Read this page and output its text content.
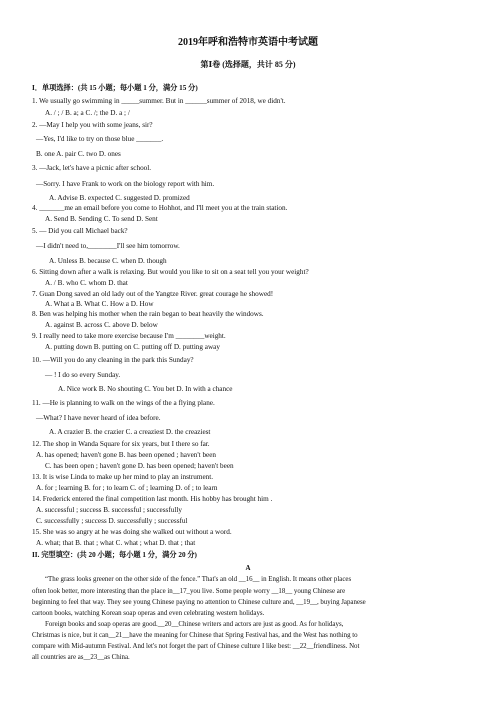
2019年呼和浩特市英语中考试题
第Ⅰ卷 (选择题，共计 85 分)
I．单项选择：(共 15 小题；每小题 1 分，满分 15 分)
1. We usually go swimming in _____summer. But in ______summer of 2018, we didn't.
A. / ; / B. a; a C. /; the D. a ; /
2. —May I help you with some jeans, sir?
—Yes, I'd like to try on those blue _______.
B. one A. pair C. two D. ones
3. —Jack, let's have a picnic after school.
—Sorry. I have Frank to work on the biology report with him.
A. Advise B. expected C. suggested D. promized
4. _______me an email before you come to Hohhot, and I'll meet you at the train station.
A. Send B. Sending C. To send D. Sent
5. — Did you call Michael back?
—I didn't need to,________I'll see him tomorrow.
A. Unless B. because C. when D. though
6. Sitting down after a walk is relaxing. But would you like to sit on a seat tell you your weight?
A. / B. who C. whom D. that
7. Guan Dong saved an old lady out of the Yangtze River. great courage he showed!
A. What a B. What C. How a D. How
8. Ben was helping his mother when the rain began to beat heavily the windows.
A. against B. across C. above D. below
9. I really need to take more exercise because I'm ________weight.
A. putting down B. putting on C. putting off D. putting away
10. —Will you do any cleaning in the park this Sunday?
— ! I do so every Sunday.
A. Nice work B. No shouting C. You bet D. In with a chance
11. —He is planning to walk on the wings of the a flying plane.
—What? I have never heard of idea before.
A. A crazier B. the crazier C. a creaziest D. the creaziest
12. The shop in Wanda Square for six years, but I there so far.
A. has opened; haven't gone B. has been opened ; haven't been
C. has been open ; haven't gone D. has been opened; haven't been
13. It is wise Linda to make up her mind to play an instrument.
A. for ; learning B. for ; to learn C. of ; learning D. of ; to learn
14. Frederick entered the final competition last month. His hobby has brought him .
A. successful ; success B. successful ; successfully
C. successfully ; success D. successfully ; successful
15. She was so angry at he was doing she walked out without a word.
A. what; that B. that ; what C. what ; what D. that ; that
II. 完型填空：(共 20 小题；每小题 1 分，满分 20 分)
A
“The grass looks greener on the other side of the fence.” That's an old __16__ in English. It means other places
often look better, more interesting than the place in__17_you live. Some people worry __18__ young Chinese are
beginning to feel that way. They see young Chinese paying no attention to Chinese culture and, __19__, buying Japanese
cartoon books, watching Korean soap operas and even celebrating western holidays.
Foreign books and soap operas are good.__20__Chinese writers and actors are just as good. As for holidays,
Christmas is nice, but it can__21__have the meaning for Chinese that Spring Festival has, and the West has nothing to
compare with Mid-autumn Festival. And let's not forget the part of Chinese culture I like best: __22__friendliness. Not
all countries are as__23__as China.
